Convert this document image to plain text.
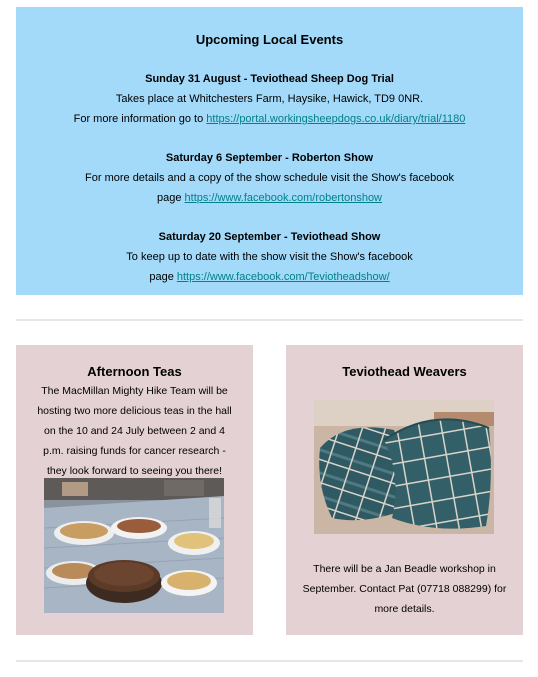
Upcoming Local Events
Sunday 31 August - Teviothead Sheep Dog Trial
Takes place at Whitchesters Farm, Haysike, Hawick, TD9 0NR.
For more information go to https://portal.workingsheepdogs.co.uk/diary/trial/1180
Saturday 6 September - Roberton Show
For more details and a copy of the show schedule visit the Show's facebook
page https://www.facebook.com/robertonshow
Saturday 20 September - Teviothead Show
To keep up to date with the show visit the Show's facebook
page https://www.facebook.com/Teviotheadshow/
Afternoon Teas
The MacMillan Mighty Hike Team will be hosting two more delicious teas in the hall on the 10 and 24 July between 2 and 4 p.m. raising funds for cancer research - they look forward to seeing you there!
Teviothead Weavers
There will be a Jan Beadle workshop in September. Contact Pat (07718 088299) for more details.
